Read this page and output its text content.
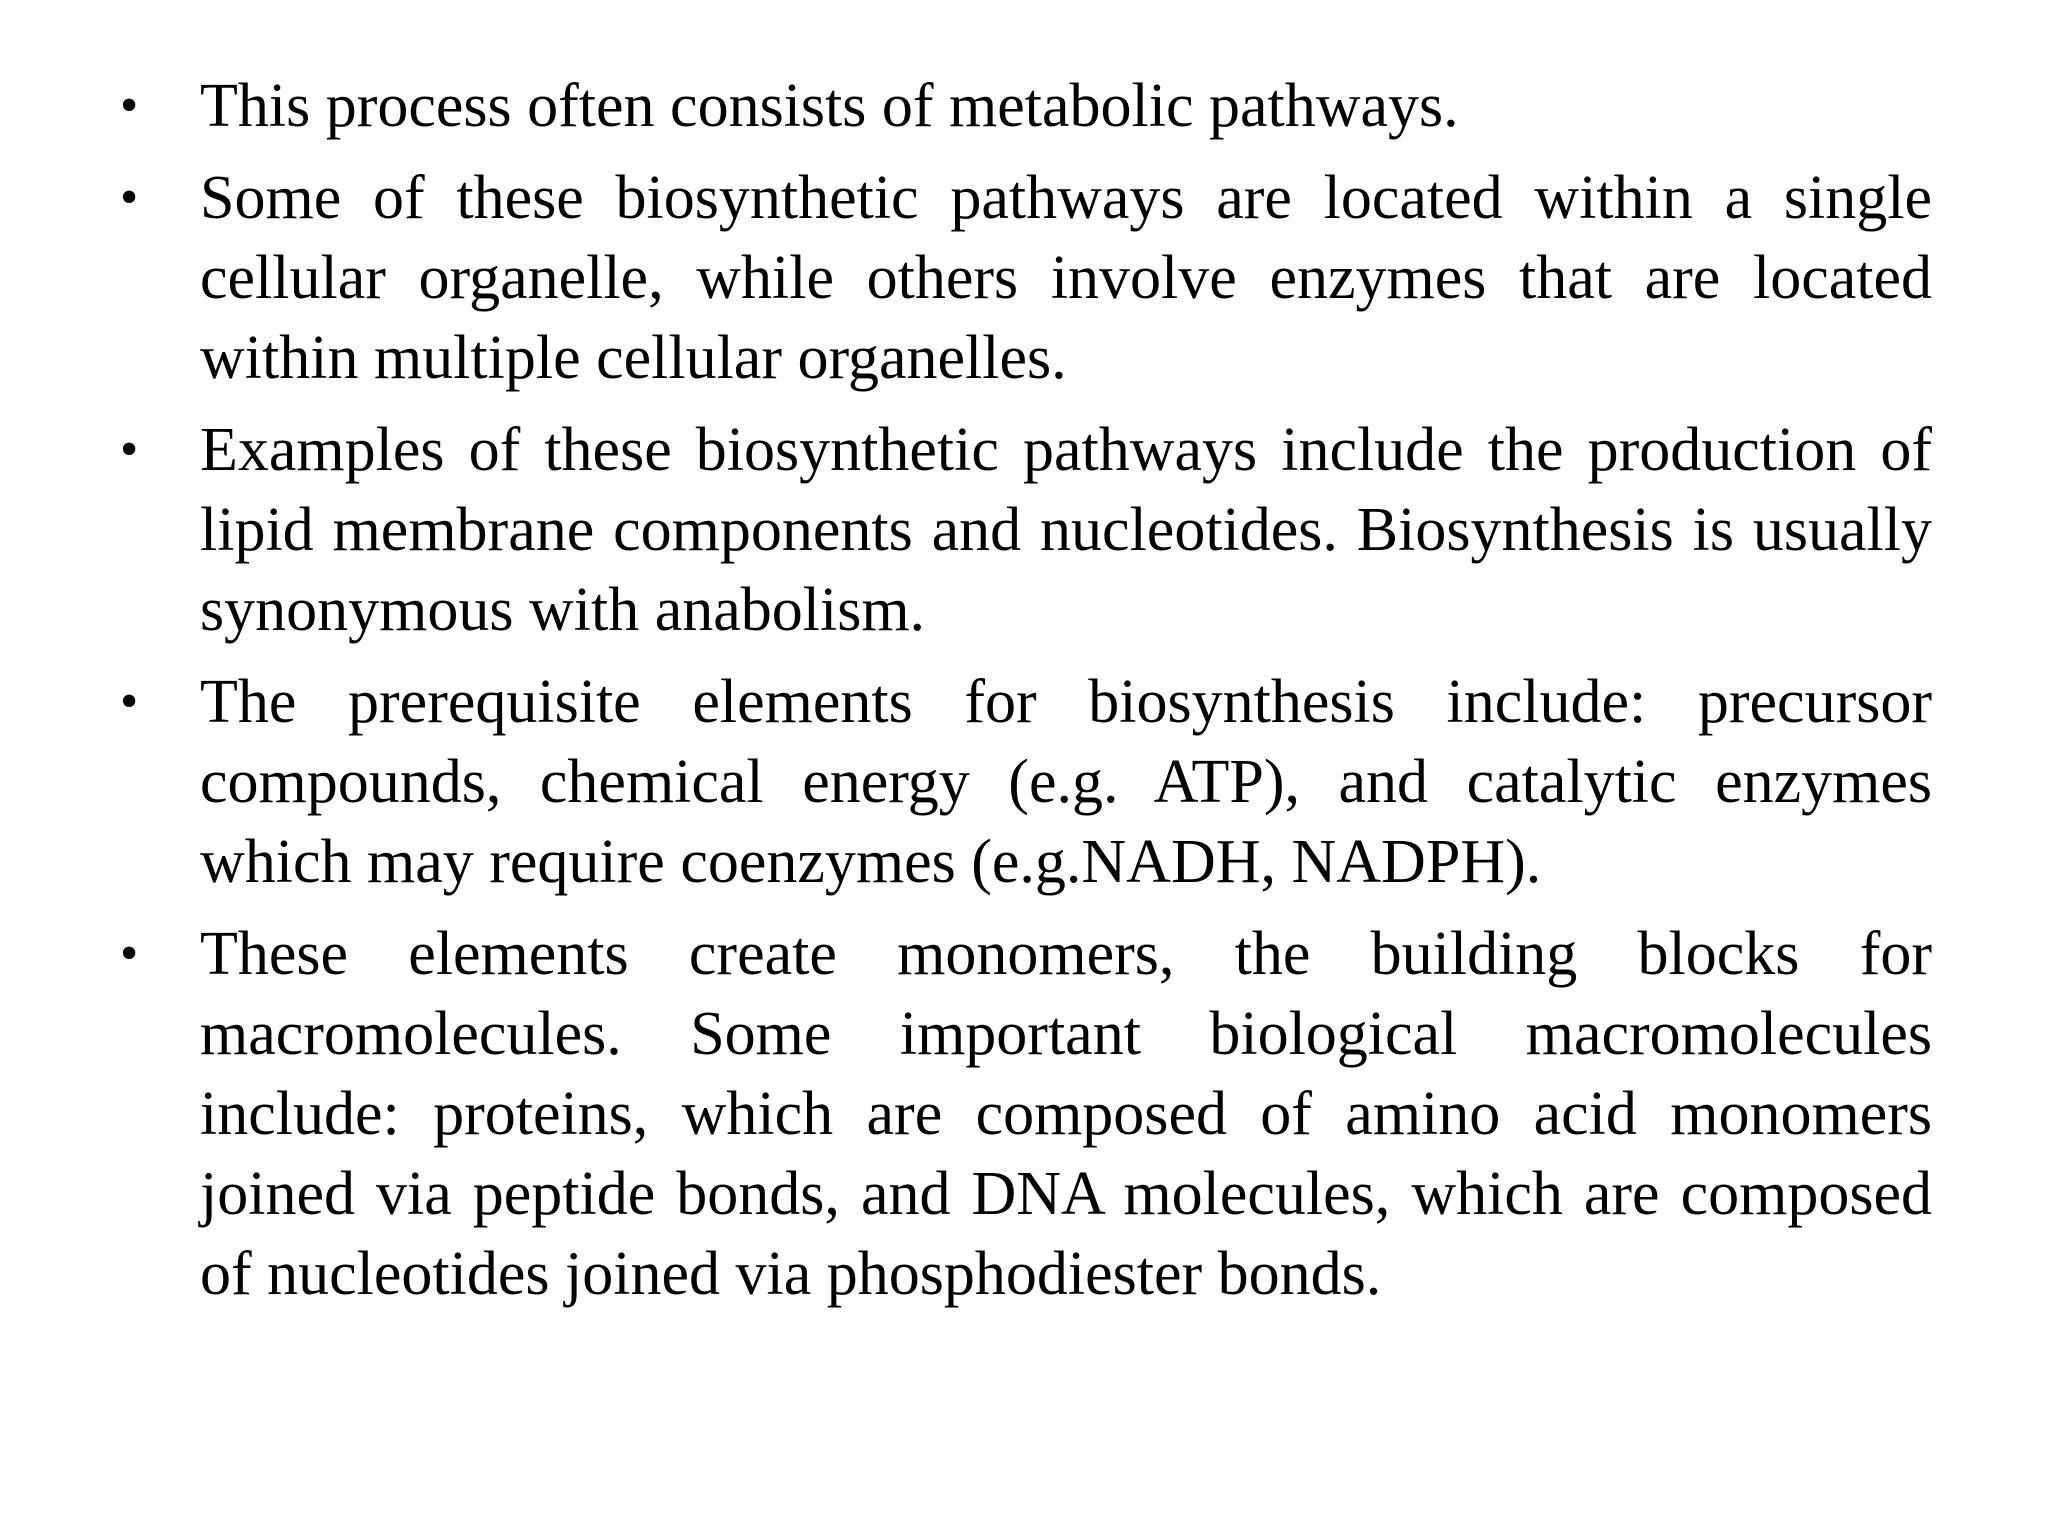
• This process often consists of metabolic pathways.
• Some of these biosynthetic pathways are located within a single cellular organelle, while others involve enzymes that are located within multiple cellular organelles.
• Examples of these biosynthetic pathways include the production of lipid membrane components and nucleotides. Biosynthesis is usually synonymous with anabolism.
• The prerequisite elements for biosynthesis include: precursor compounds, chemical energy (e.g. ATP), and catalytic enzymes which may require coenzymes (e.g.NADH, NADPH).
• These elements create monomers, the building blocks for macromolecules. Some important biological macromolecules include: proteins, which are composed of amino acid monomers joined via peptide bonds, and DNA molecules, which are composed of nucleotides joined via phosphodiester bonds.
